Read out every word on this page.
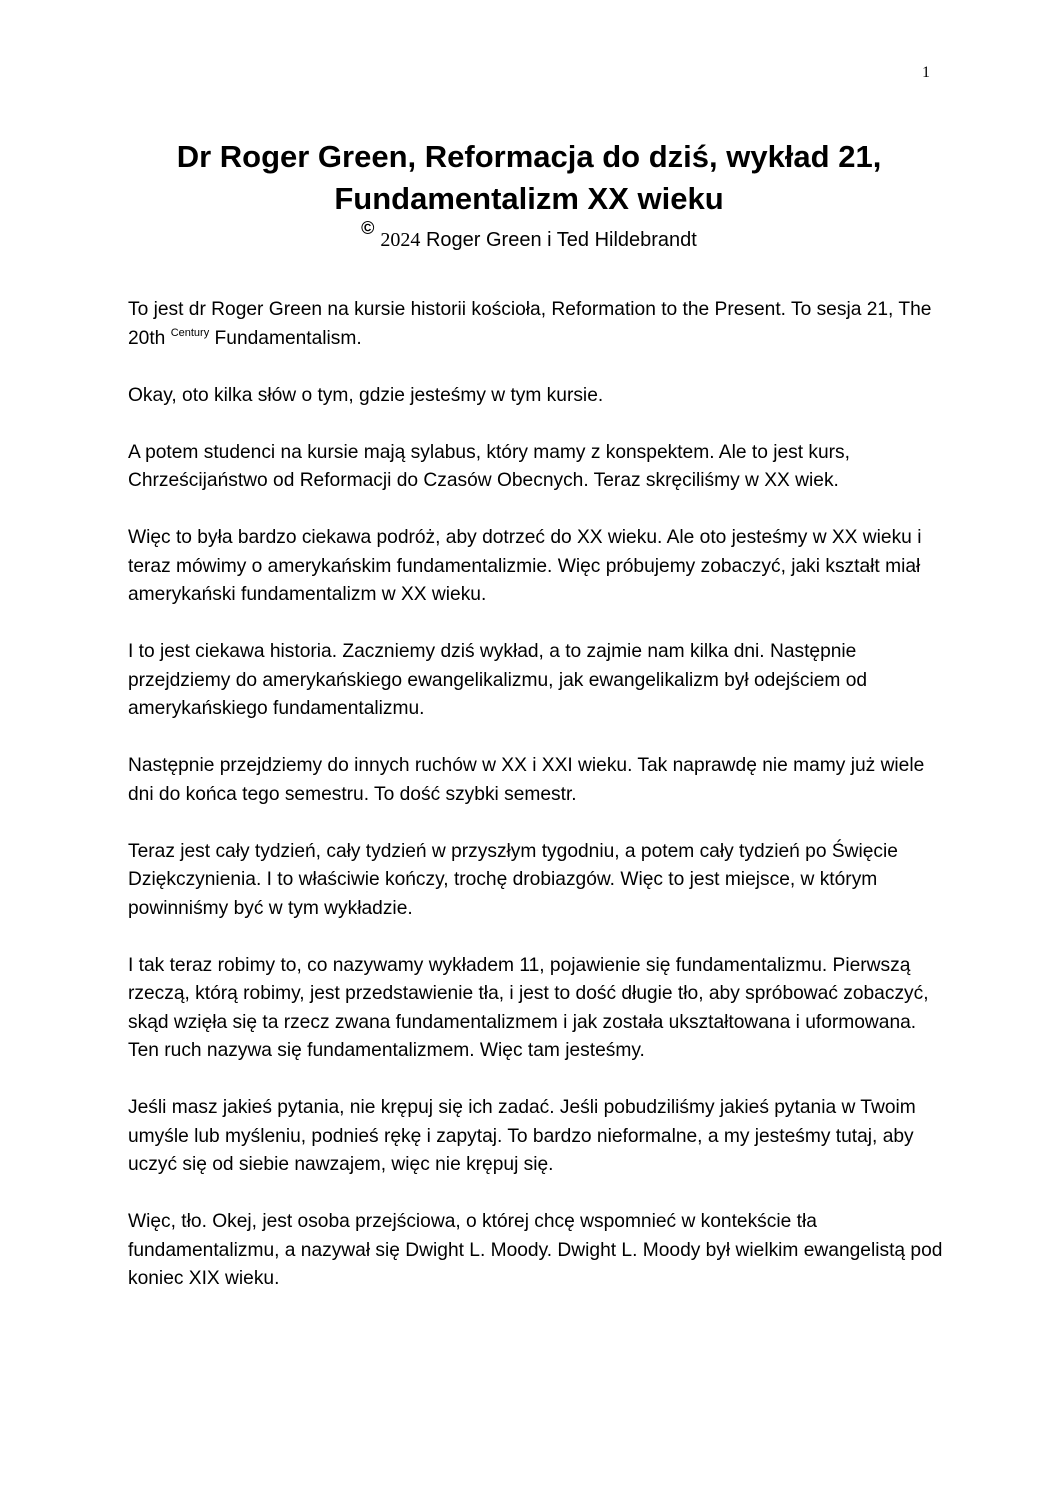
1
Dr Roger Green, Reformacja do dziś, wykład 21,
Fundamentalizm XX wieku
©2024 Roger Green i Ted Hildebrandt

To jest dr Roger Green na kursie historii kościoła, Reformation to the Present. To sesja 21, The 20th $^{Century}$ Fundamentalism.

Okay, oto kilka słów o tym, gdzie jesteśmy w tym kursie.

A potem studenci na kursie mają sylabus, który mamy z konspektem. Ale to jest kurs, Chrześcijaństwo od Reformacji do Czasów Obecnych. Teraz skręciliśmy w XX wiek.

Więc to była bardzo ciekawa podróż, aby dotrzeć do XX wieku. Ale oto jesteśmy w XX wieku i teraz mówimy o amerykańskim fundamentalizmie. Więc próbujemy zobaczyć, jaki kształt miał amerykański fundamentalizm w XX wieku.

I to jest ciekawa historia. Zaczniemy dziś wykład, a to zajmie nam kilka dni. Następnie przejdziemy do amerykańskiego ewangelikalizmu, jak ewangelikalizm był odejściem od amerykańskiego fundamentalizmu.

Następnie przejdziemy do innych ruchów w XX i XXI wieku. Tak naprawdę nie mamy już wiele dni do końca tego semestru. To dość szybki semestr.

Teraz jest cały tydzień, cały tydzień w przyszłym tygodniu, a potem cały tydzień po Święcie Dziękczynienia. I to właściwie kończy, trochę drobiazgów. Więc to jest miejsce, w którym powinniśmy być w tym wykładzie.

I tak teraz robimy to, co nazywamy wykładem 11, pojawienie się fundamentalizmu. Pierwszą rzeczą, którą robimy, jest przedstawienie tła, i jest to dość długie tło, aby spróbować zobaczyć, skąd wzięła się ta rzecz zwana fundamentalizmem i jak została ukształtowana i uformowana. Ten ruch nazywa się fundamentalizmem. Więc tam jesteśmy.

Jeśli masz jakieś pytania, nie krępuj się ich zadać. Jeśli pobudziliśmy jakieś pytania w Twoim umyśle lub myśleniu, podnieś rękę i zapytaj. To bardzo nieformalne, a my jesteśmy tutaj, aby uczyć się od siebie nawzajem, więc nie krępuj się.

Więc, tło. Okej, jest osoba przejściowa, o której chcę wspomnieć w kontekście tła fundamentalizmu, a nazywał się Dwight L. Moody. Dwight L. Moody był wielkim ewangelistą pod koniec XIX wieku.
